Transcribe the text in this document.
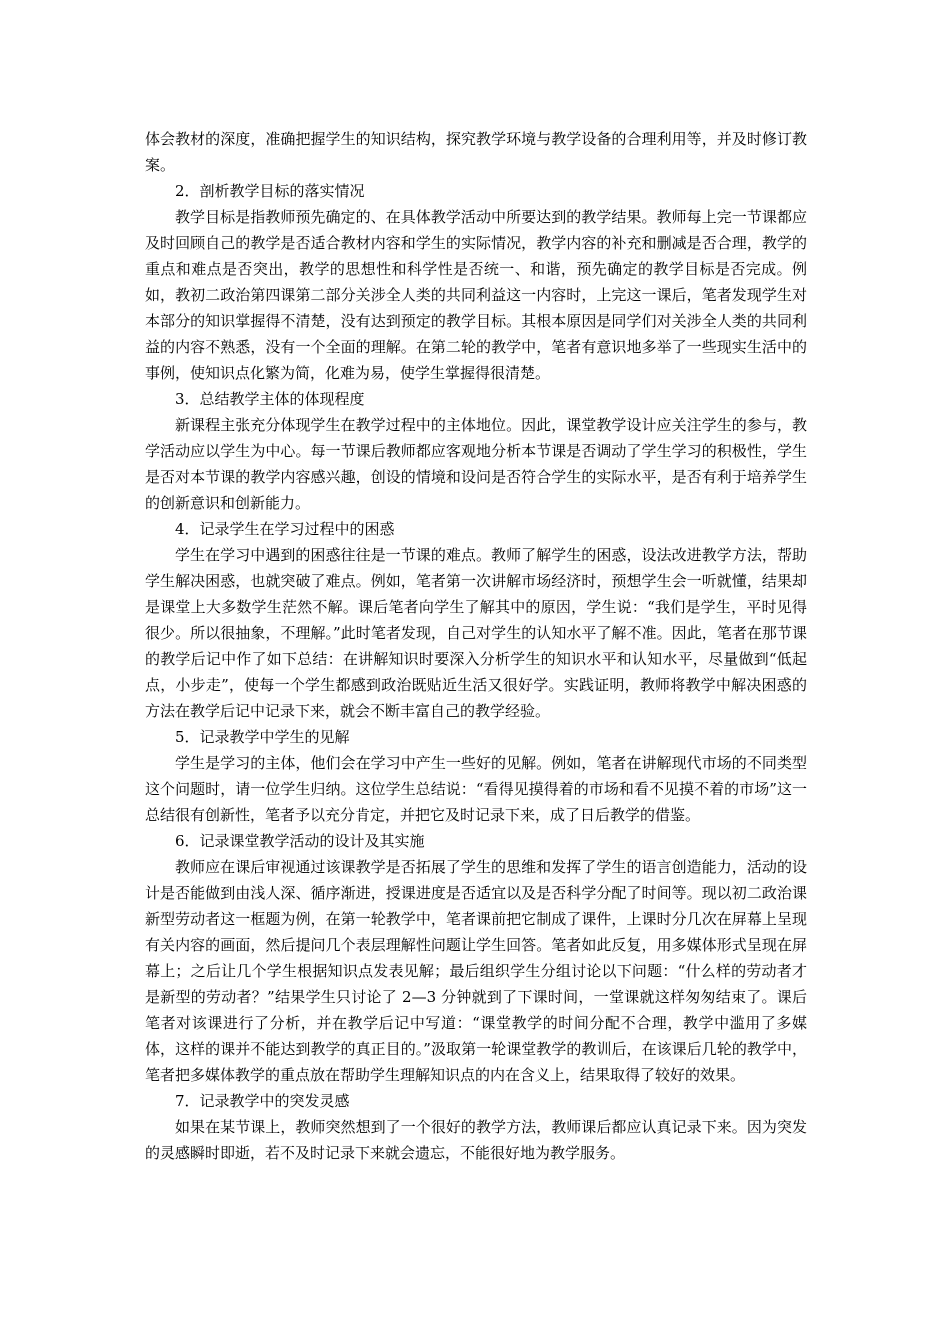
体会教材的深度，准确把握学生的知识结构，探究教学环境与教学设备的合理利用等，并及时修订教案。

2．剖析教学目标的落实情况

教学目标是指教师预先确定的、在具体教学活动中所要达到的教学结果。教师每上完一节课都应及时回顾自己的教学是否适合教材内容和学生的实际情况，教学内容的补充和删减是否合理，教学的重点和难点是否突出，教学的思想性和科学性是否统一、和谐，预先确定的教学目标是否完成。例如，教初二政治第四课第二部分关涉全人类的共同利益这一内容时，上完这一课后，笔者发现学生对本部分的知识掌握得不清楚，没有达到预定的教学目标。其根本原因是同学们对关涉全人类的共同利益的内容不熟悉，没有一个全面的理解。在第二轮的教学中，笔者有意识地多举了一些现实生活中的事例，使知识点化繁为简，化难为易，使学生掌握得很清楚。

3．总结教学主体的体现程度

新课程主张充分体现学生在教学过程中的主体地位。因此，课堂教学设计应关注学生的参与，教学活动应以学生为中心。每一节课后教师都应客观地分析本节课是否调动了学生学习的积极性，学生是否对本节课的教学内容感兴趣，创设的情境和设问是否符合学生的实际水平，是否有利于培养学生的创新意识和创新能力。

4．记录学生在学习过程中的困惑

学生在学习中遇到的困惑往往是一节课的难点。教师了解学生的困惑，设法改进教学方法，帮助学生解决困惑，也就突破了难点。例如，笔者第一次讲解市场经济时，预想学生会一听就懂，结果却是课堂上大多数学生茫然不解。课后笔者向学生了解其中的原因，学生说：“我们是学生，平时见得很少。所以很抽象，不理解。”此时笔者发现，自己对学生的认知水平了解不准。因此，笔者在那节课的教学后记中作了如下总结：在讲解知识时要深入分析学生的知识水平和认知水平，尽量做到“低起点，小步走”，使每一个学生都感到政治既贴近生活又很好学。实践证明，教师将教学中解决困惑的方法在教学后记中记录下来，就会不断丰富自己的教学经验。

5．记录教学中学生的见解

学生是学习的主体，他们会在学习中产生一些好的见解。例如，笔者在讲解现代市场的不同类型这个问题时，请一位学生归纳。这位学生总结说：“看得见摸得着的市场和看不见摸不着的市场”这一总结很有创新性，笔者予以充分肯定，并把它及时记录下来，成了日后教学的借鉴。

6．记录课堂教学活动的设计及其实施

教师应在课后审视通过该课教学是否拓展了学生的思维和发挥了学生的语言创造能力，活动的设计是否能做到由浅人深、循序渐进，授课进度是否适宜以及是否科学分配了时间等。现以初二政治课新型劳动者这一框题为例，在第一轮教学中，笔者课前把它制成了课件，上课时分几次在屏幕上呈现有关内容的画面，然后提问几个表层理解性问题让学生回答。笔者如此反复，用多媒体形式呈现在屏幕上；之后让几个学生根据知识点发表见解；最后组织学生分组讨论以下问题：“什么样的劳动者才是新型的劳动者？”结果学生只讨论了 2—3 分钟就到了下课时间，一堂课就这样匆匆结束了。课后笔者对该课进行了分析，并在教学后记中写道：“课堂教学的时间分配不合理，教学中滥用了多媒体，这样的课并不能达到教学的真正目的。”汲取第一轮课堂教学的教训后，在该课后几轮的教学中，笔者把多媒体教学的重点放在帮助学生理解知识点的内在含义上，结果取得了较好的效果。

7．记录教学中的突发灵感

如果在某节课上，教师突然想到了一个很好的教学方法，教师课后都应认真记录下来。因为突发的灵感瞬时即逝，若不及时记录下来就会遗忘，不能很好地为教学服务。
